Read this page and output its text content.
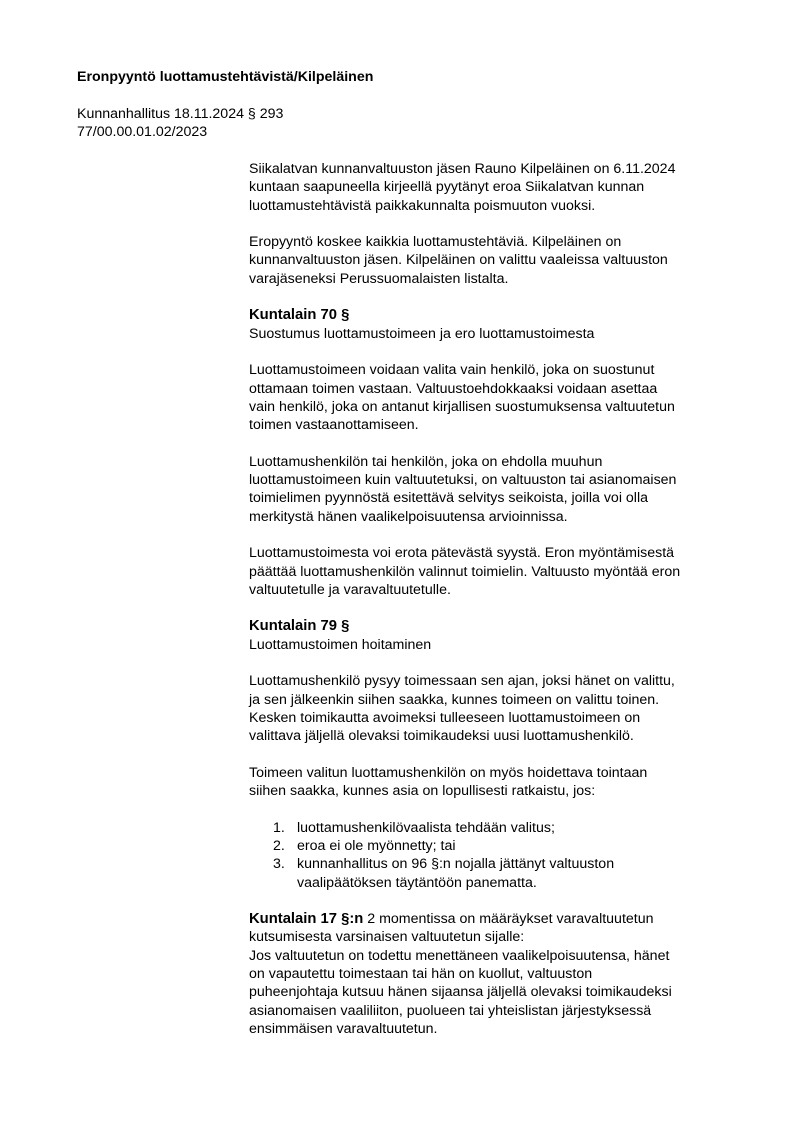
Eronpyyntö luottamustehtävistä/Kilpeläinen
Kunnanhallitus 18.11.2024 § 293
77/00.00.01.02/2023
Siikalatvan kunnanvaltuuston jäsen Rauno Kilpeläinen on 6.11.2024
kuntaan saapuneella kirjeellä pyytänyt eroa Siikalatvan kunnan
luottamustehtävistä paikkakunnalta poismuuton vuoksi.
Eropyyntö koskee kaikkia luottamustehtäviä. Kilpeläinen on
kunnanvaltuuston jäsen. Kilpeläinen on valittu vaaleissa valtuuston
varajäseneksi Perussuomalaisten listalta.
Kuntalain 70 §
Suostumus luottamustoimeen ja ero luottamustoimesta
Luottamustoimeen voidaan valita vain henkilö, joka on suostunut
ottamaan toimen vastaan. Valtuustoehdokkaaksi voidaan asettaa
vain henkilö, joka on antanut kirjallisen suostumuksensa valtuutetun
toimen vastaanottamiseen.
Luottamushenkilön tai henkilön, joka on ehdolla muuhun
luottamustoimeen kuin valtuutetuksi, on valtuuston tai asianomaisen
toimielimen pyynnöstä esitettävä selvitys seikoista, joilla voi olla
merkitystä hänen vaalikelpoisuutensa arvioinnissa.
Luottamustoimesta voi erota pätevästä syystä. Eron myöntämisestä
päättää luottamushenkilön valinnut toimielin. Valtuusto myöntää eron
valtuutetulle ja varavaltuutetulle.
Kuntalain 79 §
Luottamustoimen hoitaminen
Luottamushenkilö pysyy toimessaan sen ajan, joksi hänet on valittu,
ja sen jälkeenkin siihen saakka, kunnes toimeen on valittu toinen.
Kesken toimikautta avoimeksi tulleeseen luottamustoimeen on
valittava jäljellä olevaksi toimikaudeksi uusi luottamushenkilö.
Toimeen valitun luottamushenkilön on myös hoidettava tointaan
siihen saakka, kunnes asia on lopullisesti ratkaistu, jos:
1. luottamushenkilövaalista tehdään valitus;
2. eroa ei ole myönnetty; tai
3. kunnanhallitus on 96 §:n nojalla jättänyt valtuuston
vaalipäätöksen täytäntöön panematta.
Kuntalain 17 §:n 2 momentissa on määräykset varavaltuutetun
kutsumisesta varsinaisen valtuutetun sijalle:
Jos valtuutetun on todettu menettäneen vaalikelpoisuutensa, hänet
on vapautettu toimestaan tai hän on kuollut, valtuuston
puheenjohtaja kutsuu hänen sijaansa jäljellä olevaksi toimikaudeksi
asianomaisen vaaliliiton, puolueen tai yhteislistan järjestyksessä
ensimmäisen varavaltuutetun.
